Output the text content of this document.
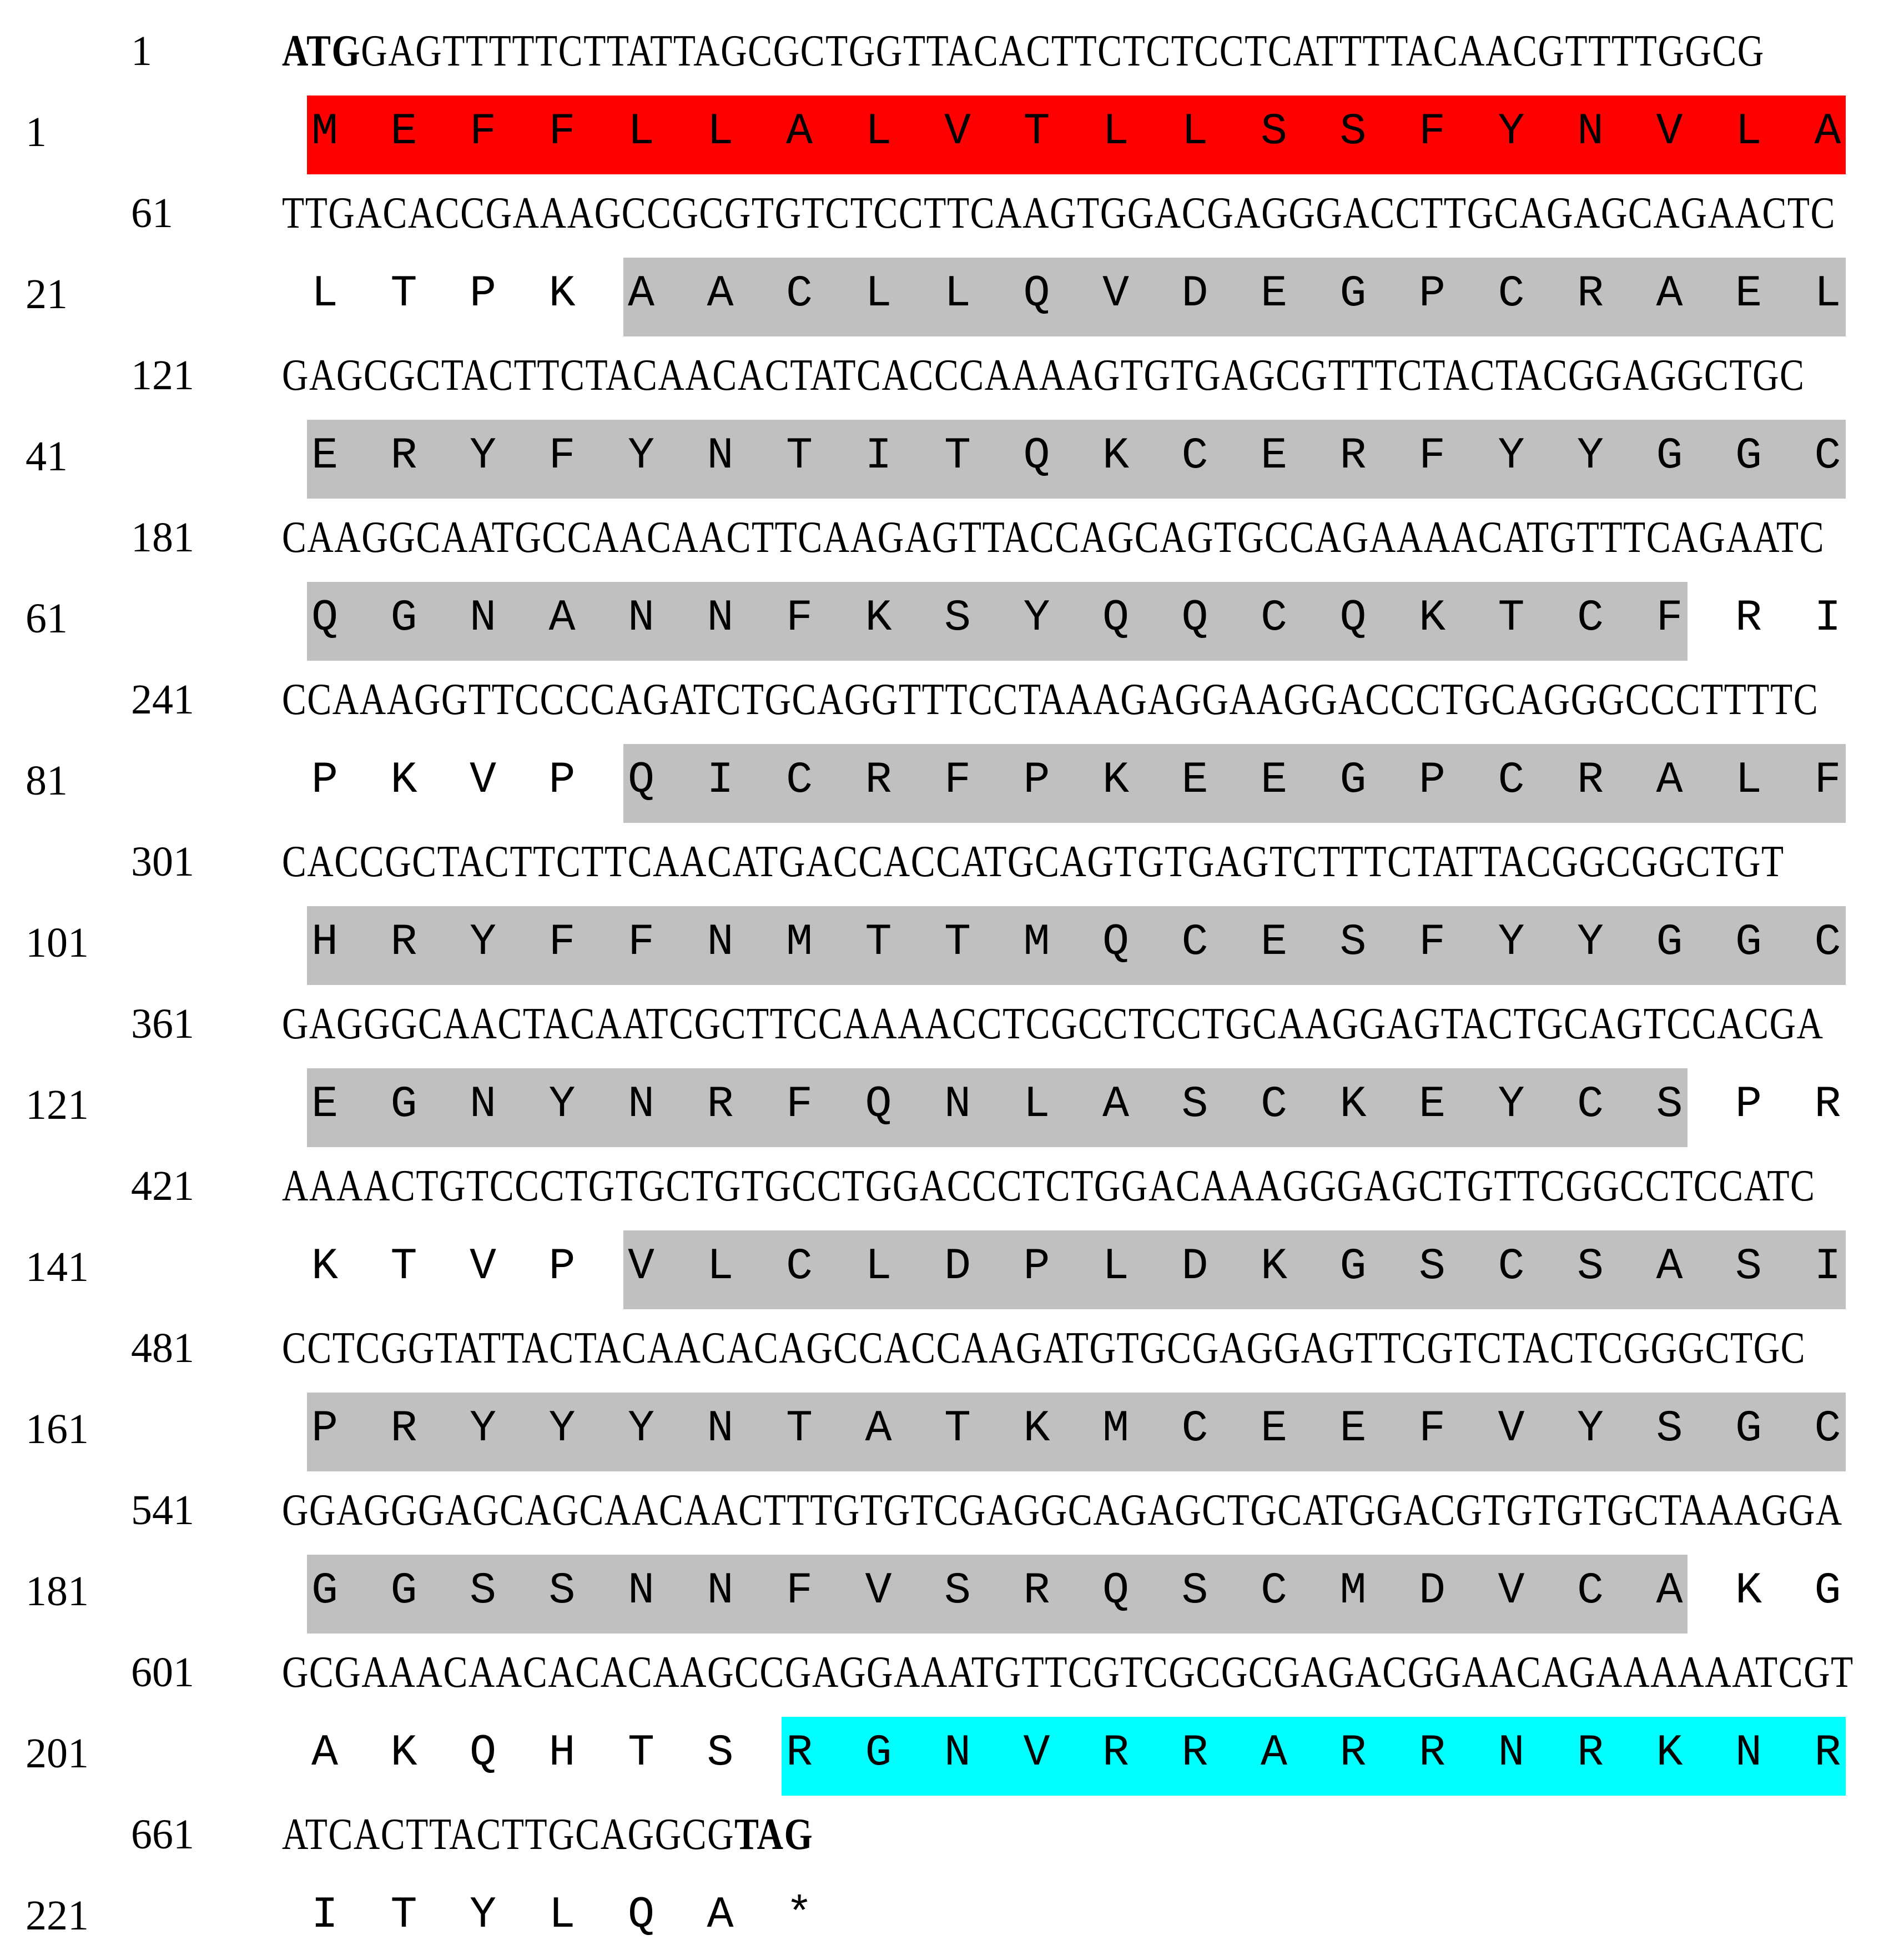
1	ATGGAGTTTTTCTTATTAGCGCTGGTTACACTTCTCTCCTCATTTTACAACGTTTTGGCG
1	M E F F L L A L V T L L S S F Y N V L A
61 TTGACACCGAAAGCCGCGTGTCTCCTTCAAGTGGACGAGGGACCTTGCAGAGCAGAACTC
21	L T P K A A C L L Q V D E G P C R A E L
121 GAGCGCTACTTCTACAACACTATCACCCAAAAGTGTGAGCGTTTCTACTACGGAGGCTGC
41	E R Y F Y N T I T Q K C E R F Y Y G G C
181 CAAGGCAATGCCAACAACTTCAAGAGTTACCAGCAGTGCCAGAAAACATGTTTCAGAATC
61	Q G N A N N F K S Y Q Q C Q K T C F R I
241 CCAAAGGTTCCCCAGATCTGCAGGTTTCCTAAAGAGGAAGGACCCTGCAGGGCCCTTTTC
81	P K V P Q I C R F P K E E G P C R A L F
301 CACCGCTACTTCTTCAACATGACCACCATGCAGTGTGAGTCTTTCTATTACGGCGGCTGT
101	H R Y F F N M T T M Q C E S F Y Y G G C
361 GAGGGCAACTACAATCGCTTCCAAAACCTCGCCTCCTGCAAGGAGTACTGCAGTCCACGA
121	E G N Y N R F Q N L A S C K E Y C S P R
421 AAAACTGTCCCTGTGCTGTGCCTGGACCCTCTGGACAAAGGGAGCTGTTCGGCCTCCATC
141	K T V P V L C L D P L D K G S C S A S I
481 CCTCGGTATTACTACAACACAGCCACCAAGATGTGCGAGGAGTTCGTCTACTCGGGCTGC
161	P R Y Y Y N T A T K M C E E F V Y S G C
541 GGAGGGAGCAGCAACAACTTTGTGTCGAGGCAGAGCTGCATGGACGTGTGTGCTAAAGGA
181	G G S S N N F V S R Q S C M D V C A K G
601 GCGAAACAACACACAAGCCGAGGAAATGTTCGTCGCGCGAGACGGAACAGAAAAAATCGT
201	A K Q H T S R G N V R R A R R N R K N R
661 ATCACTTACTTGCAGGCGTAG
221	I T Y L Q A *
